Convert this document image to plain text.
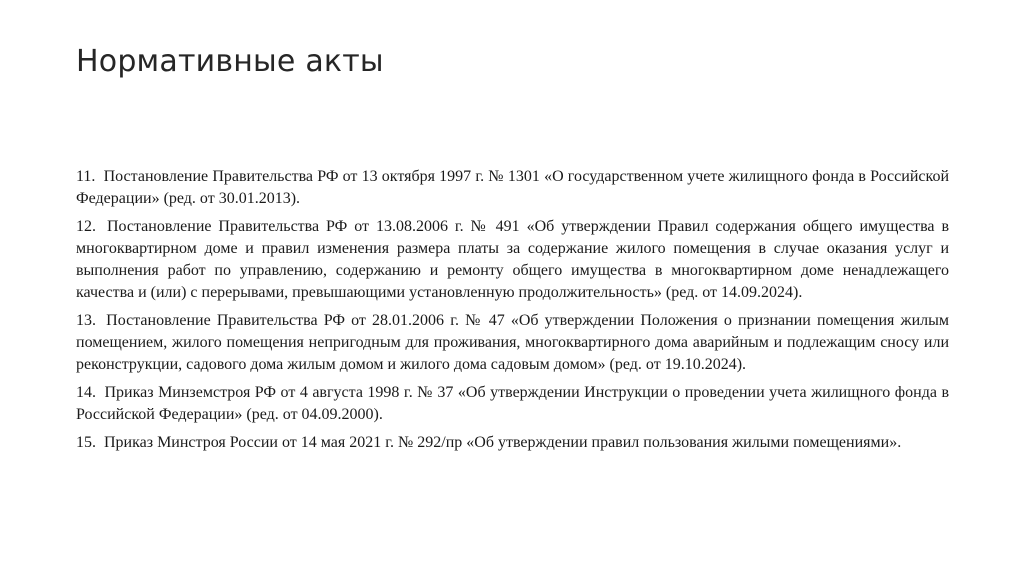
Нормативные акты
11. Постановление Правительства РФ от 13 октября 1997 г. № 1301 «О государственном учете жилищного фонда в Российской Федерации» (ред. от 30.01.2013).
12. Постановление Правительства РФ от 13.08.2006 г. № 491 «Об утверждении Правил содержания общего имущества в многоквартирном доме и правил изменения размера платы за содержание жилого помещения в случае оказания услуг и выполнения работ по управлению, содержанию и ремонту общего имущества в многоквартирном доме ненадлежащего качества и (или) с перерывами, превышающими установленную продолжительность» (ред. от 14.09.2024).
13. Постановление Правительства РФ от 28.01.2006 г. № 47 «Об утверждении Положения о признании помещения жилым помещением, жилого помещения непригодным для проживания, многоквартирного дома аварийным и подлежащим сносу или реконструкции, садового дома жилым домом и жилого дома садовым домом» (ред. от 19.10.2024).
14. Приказ Минземстроя РФ от 4 августа 1998 г. № 37 «Об утверждении Инструкции о проведении учета жилищного фонда в Российской Федерации» (ред. от 04.09.2000).
15. Приказ Минстроя России от 14 мая 2021 г. № 292/пр «Об утверждении правил пользования жилыми помещениями».
